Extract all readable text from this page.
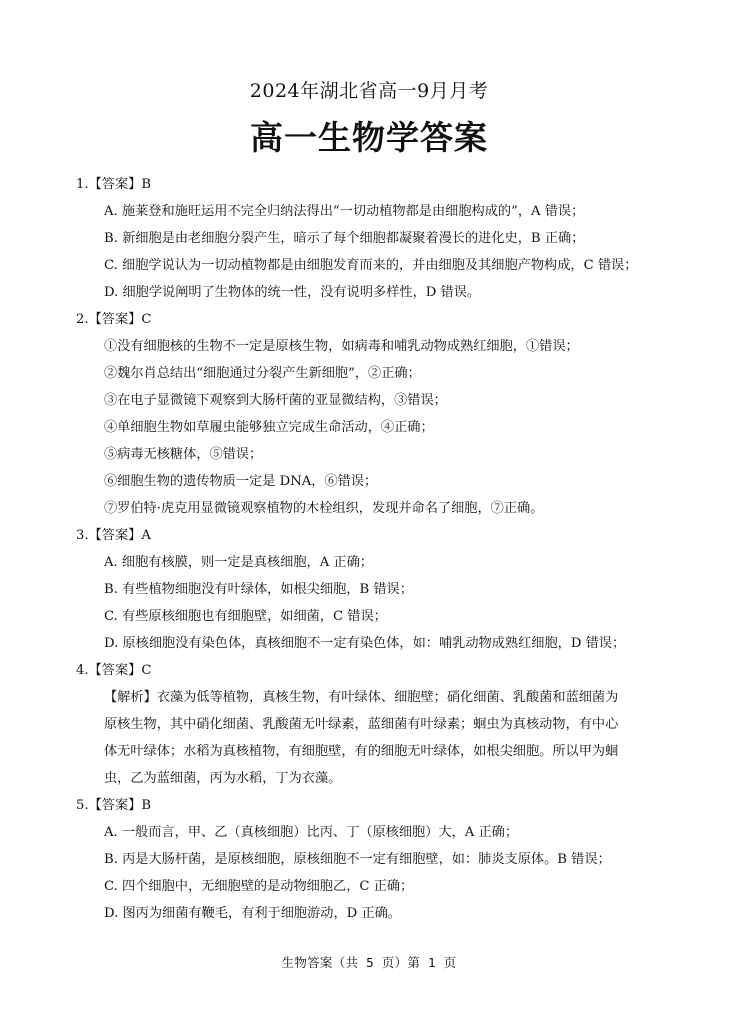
2024年湖北省高一9月月考
高一生物学答案
1.【答案】B
A. 施莱登和施旺运用不完全归纳法得出“一切动植物都是由细胞构成的”，A 错误；
B. 新细胞是由老细胞分裂产生，暗示了每个细胞都凝聚着漫长的进化史，B 正确；
C. 细胞学说认为一切动植物都是由细胞发育而来的，并由细胞及其细胞产物构成，C 错误；
D. 细胞学说阐明了生物体的统一性，没有说明多样性，D 错误。
2.【答案】C
①没有细胞核的生物不一定是原核生物，如病毒和哺乳动物成熟红细胞，①错误；
②魏尔肖总结出“细胞通过分裂产生新细胞”，②正确；
③在电子显微镜下观察到大肠杆菌的亚显微结构，③错误；
④单细胞生物如草履虫能够独立完成生命活动，④正确；
⑤病毒无核糖体，⑤错误；
⑥细胞生物的遗传物质一定是 DNA，⑥错误；
⑦罗伯特·虎克用显微镜观察植物的木栓组织，发现并命名了细胞，⑦正确。
3.【答案】A
A. 细胞有核膜，则一定是真核细胞，A 正确；
B. 有些植物细胞没有叶绿体，如根尖细胞，B 错误；
C. 有些原核细胞也有细胞壁，如细菌，C 错误；
D. 原核细胞没有染色体，真核细胞不一定有染色体，如：哺乳动物成熟红细胞，D 错误；
4.【答案】C
【解析】衣藻为低等植物，真核生物，有叶绿体、细胞壁；硝化细菌、乳酸菌和蓝细菌为
原核生物，其中硝化细菌、乳酸菌无叶绿素，蓝细菌有叶绿素；蛔虫为真核动物，有中心
体无叶绿体；水稻为真核植物，有细胞壁，有的细胞无叶绿体，如根尖细胞。所以甲为蛔
虫，乙为蓝细菌，丙为水稻，丁为衣藻。
5.【答案】B
A. 一般而言，甲、乙（真核细胞）比丙、丁（原核细胞）大，A 正确；
B. 丙是大肠杆菌，是原核细胞，原核细胞不一定有细胞壁，如：肺炎支原体。B 错误；
C. 四个细胞中，无细胞壁的是动物细胞乙，C 正确；
D. 图丙为细菌有鞭毛，有利于细胞游动，D 正确。
生物答案（共 5 页）第 1 页
